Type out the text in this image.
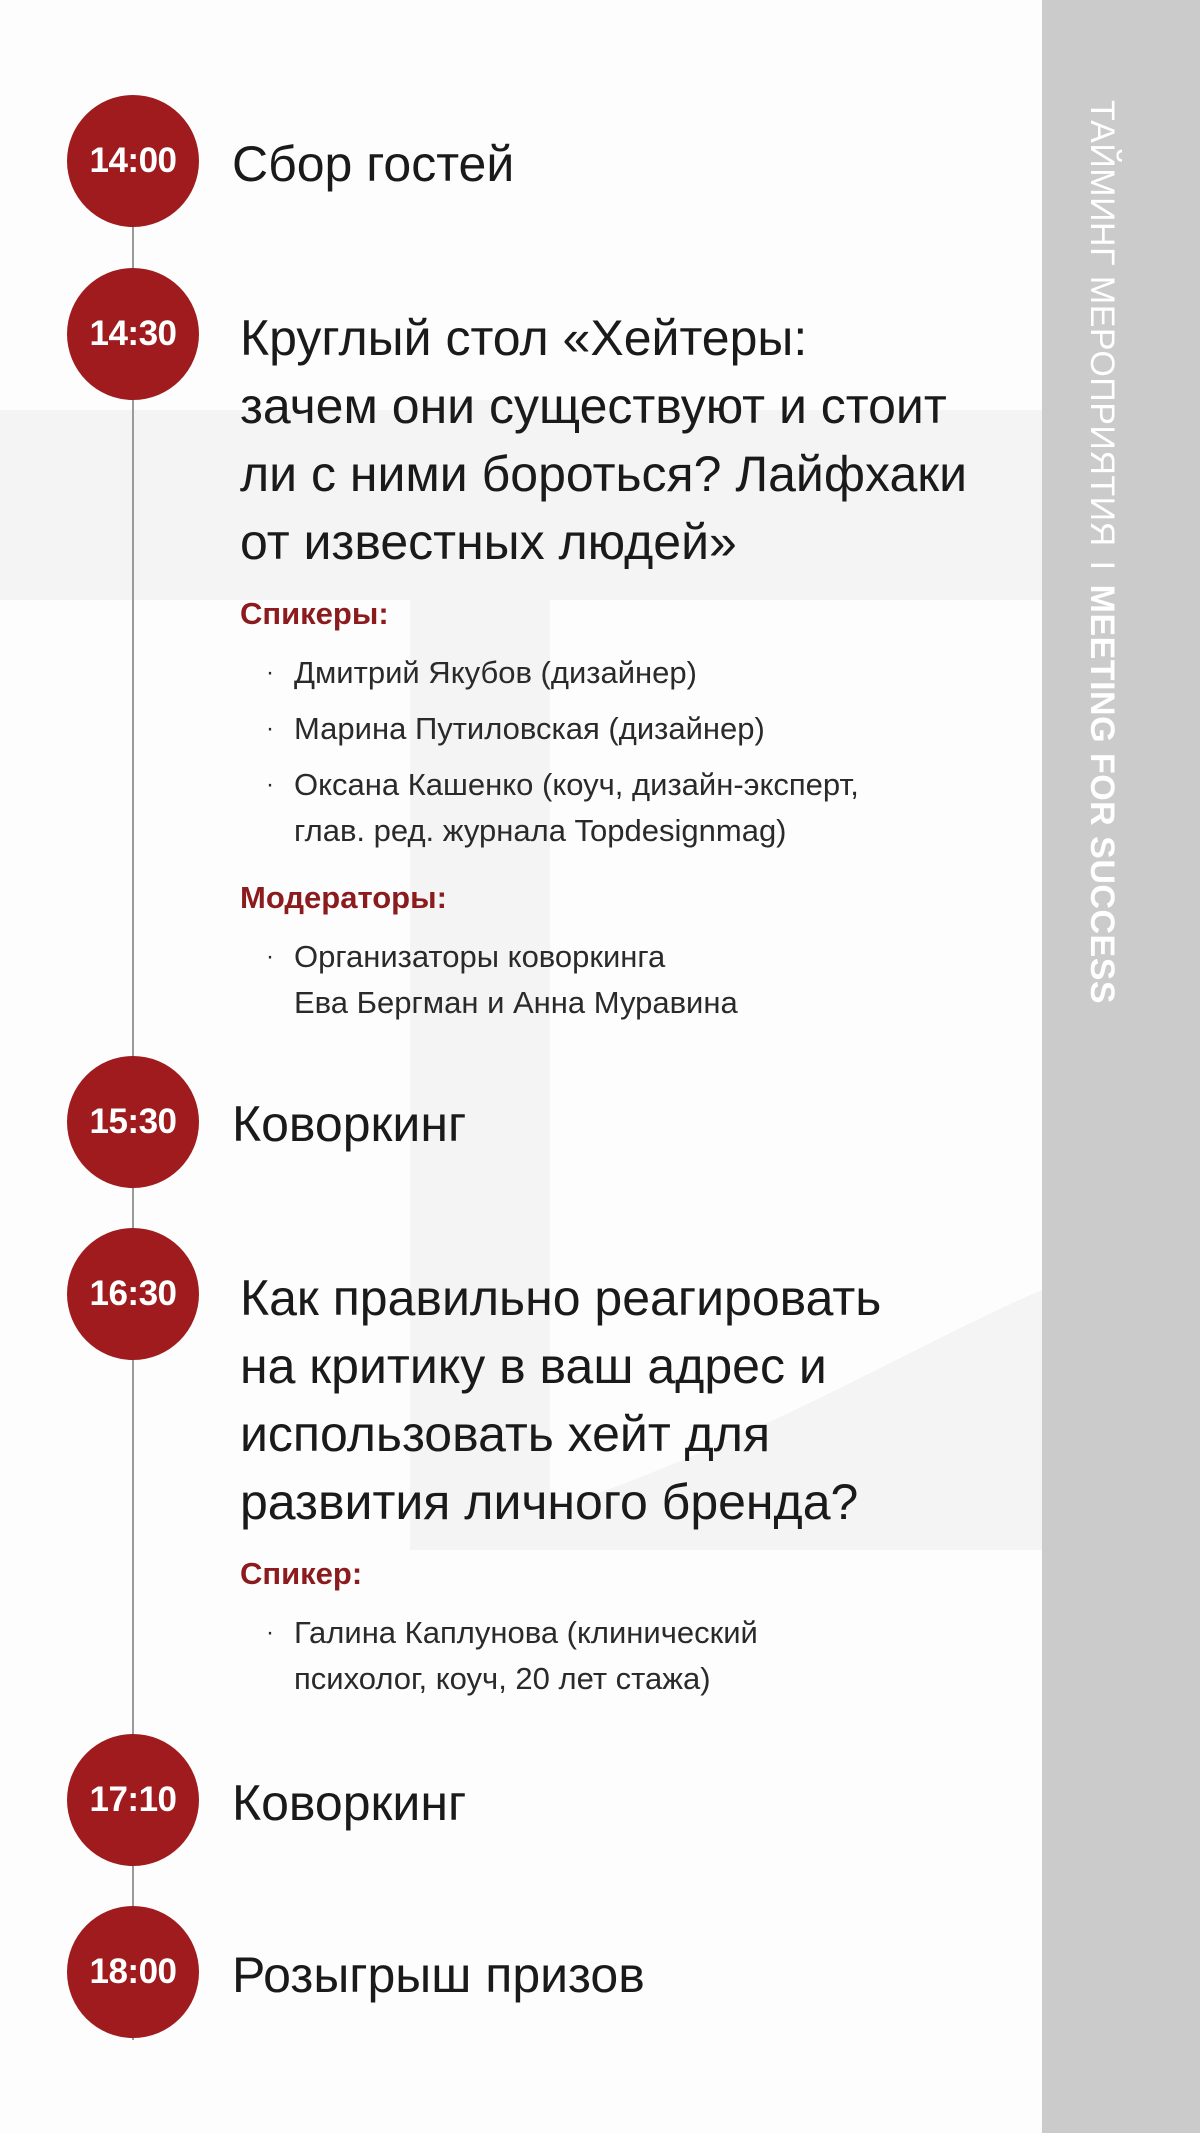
ТАЙМИНГ МЕРОПРИЯТИЯIMEETING FOR SUCCESS
14:00	Сбор гостей
14:30	Круглый стол «Хейтеры:
зачем они существуют и стоит
ли с ними бороться? Лайфхаки
от известных людей»
Спикеры:
· Дмитрий Якубов (дизайнер)
· Марина Путиловская (дизайнер)
· Оксана Кашенко (коуч, дизайн-эксперт,
глав. ред. журнала Topdesignmag)
Модераторы:
· Организаторы коворкинга
Ева Бергман и Анна Муравина
15:30	Коворкинг
16:30	Как правильно реагировать
на критику в ваш адрес и
использовать хейт для
развития личного бренда?
Спикер:
· Галина Каплунова (клинический
психолог, коуч, 20 лет стажа)
17:10	Коворкинг
18:00	Розыгрыш призов
